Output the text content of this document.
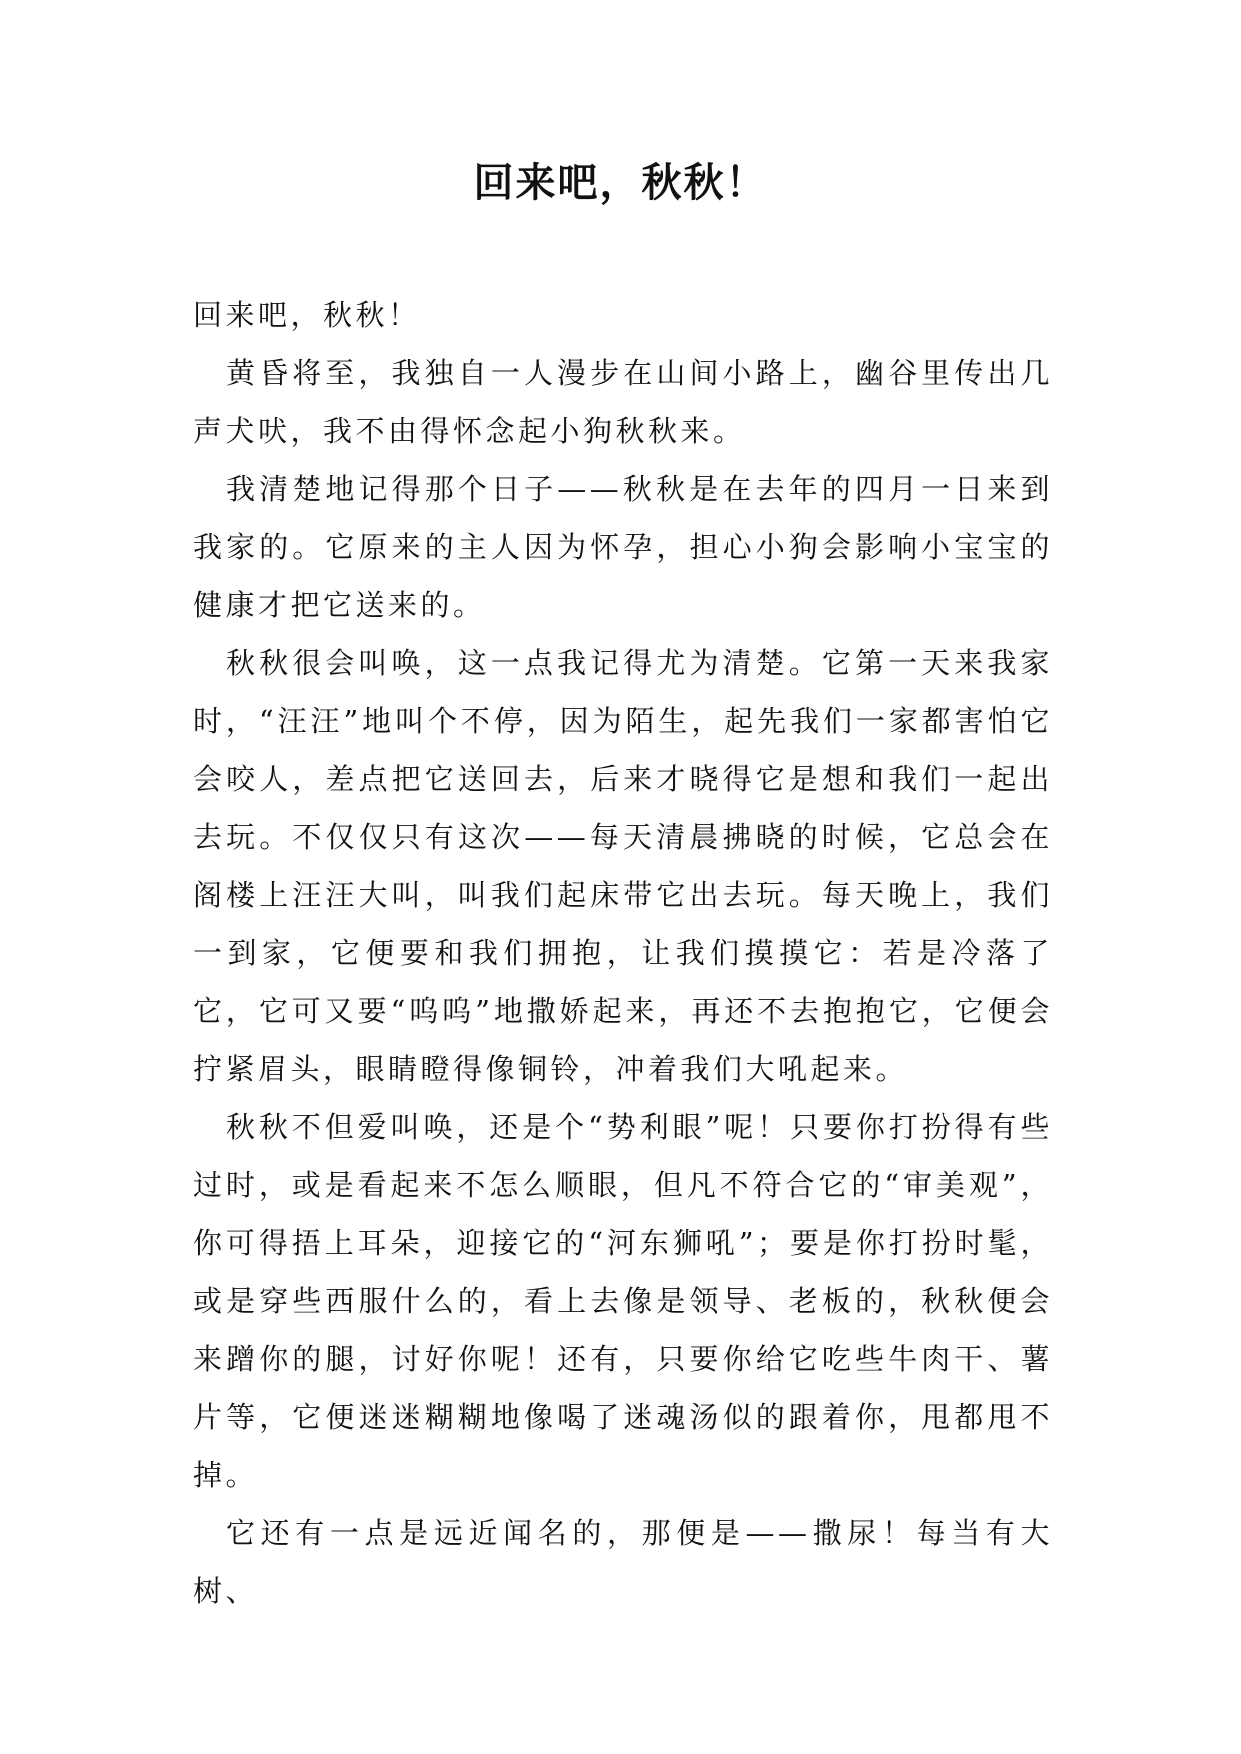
回来吧，秋秋！

回来吧，秋秋！

黄昏将至，我独自一人漫步在山间小路上，幽谷里传出几声犬吠，我不由得怀念起小狗秋秋来。

我清楚地记得那个日子——秋秋是在去年的四月一日来到我家的。它原来的主人因为怀孕，担心小狗会影响小宝宝的健康才把它送来的。

秋秋很会叫唤，这一点我记得尤为清楚。它第一天来我家时，“汪汪”地叫个不停，因为陌生，起先我们一家都害怕它会咬人，差点把它送回去，后来才晓得它是想和我们一起出去玩。不仅仅只有这次——每天清晨拂晓的时候，它总会在阁楼上汪汪大叫，叫我们起床带它出去玩。每天晚上，我们一到家，它便要和我们拥抱，让我们摸摸它：若是冷落了它，它可又要“呜呜”地撒娇起来，再还不去抱抱它，它便会拧紧眉头，眼睛瞪得像铜铃，冲着我们大吼起来。

秋秋不但爱叫唤，还是个“势利眼”呢！只要你打扮得有些过时，或是看起来不怎么顺眼，但凡不符合它的“审美观”，你可得捂上耳朵，迎接它的“河东狮吼”；要是你打扮时髦，或是穿些西服什么的，看上去像是领导、老板的，秋秋便会来蹭你的腿，讨好你呢！还有，只要你给它吃些牛肉干、薯片等，它便迷迷糊糊地像喝了迷魂汤似的跟着你，甩都甩不掉。

它还有一点是远近闻名的，那便是——撒尿！每当有大树、
